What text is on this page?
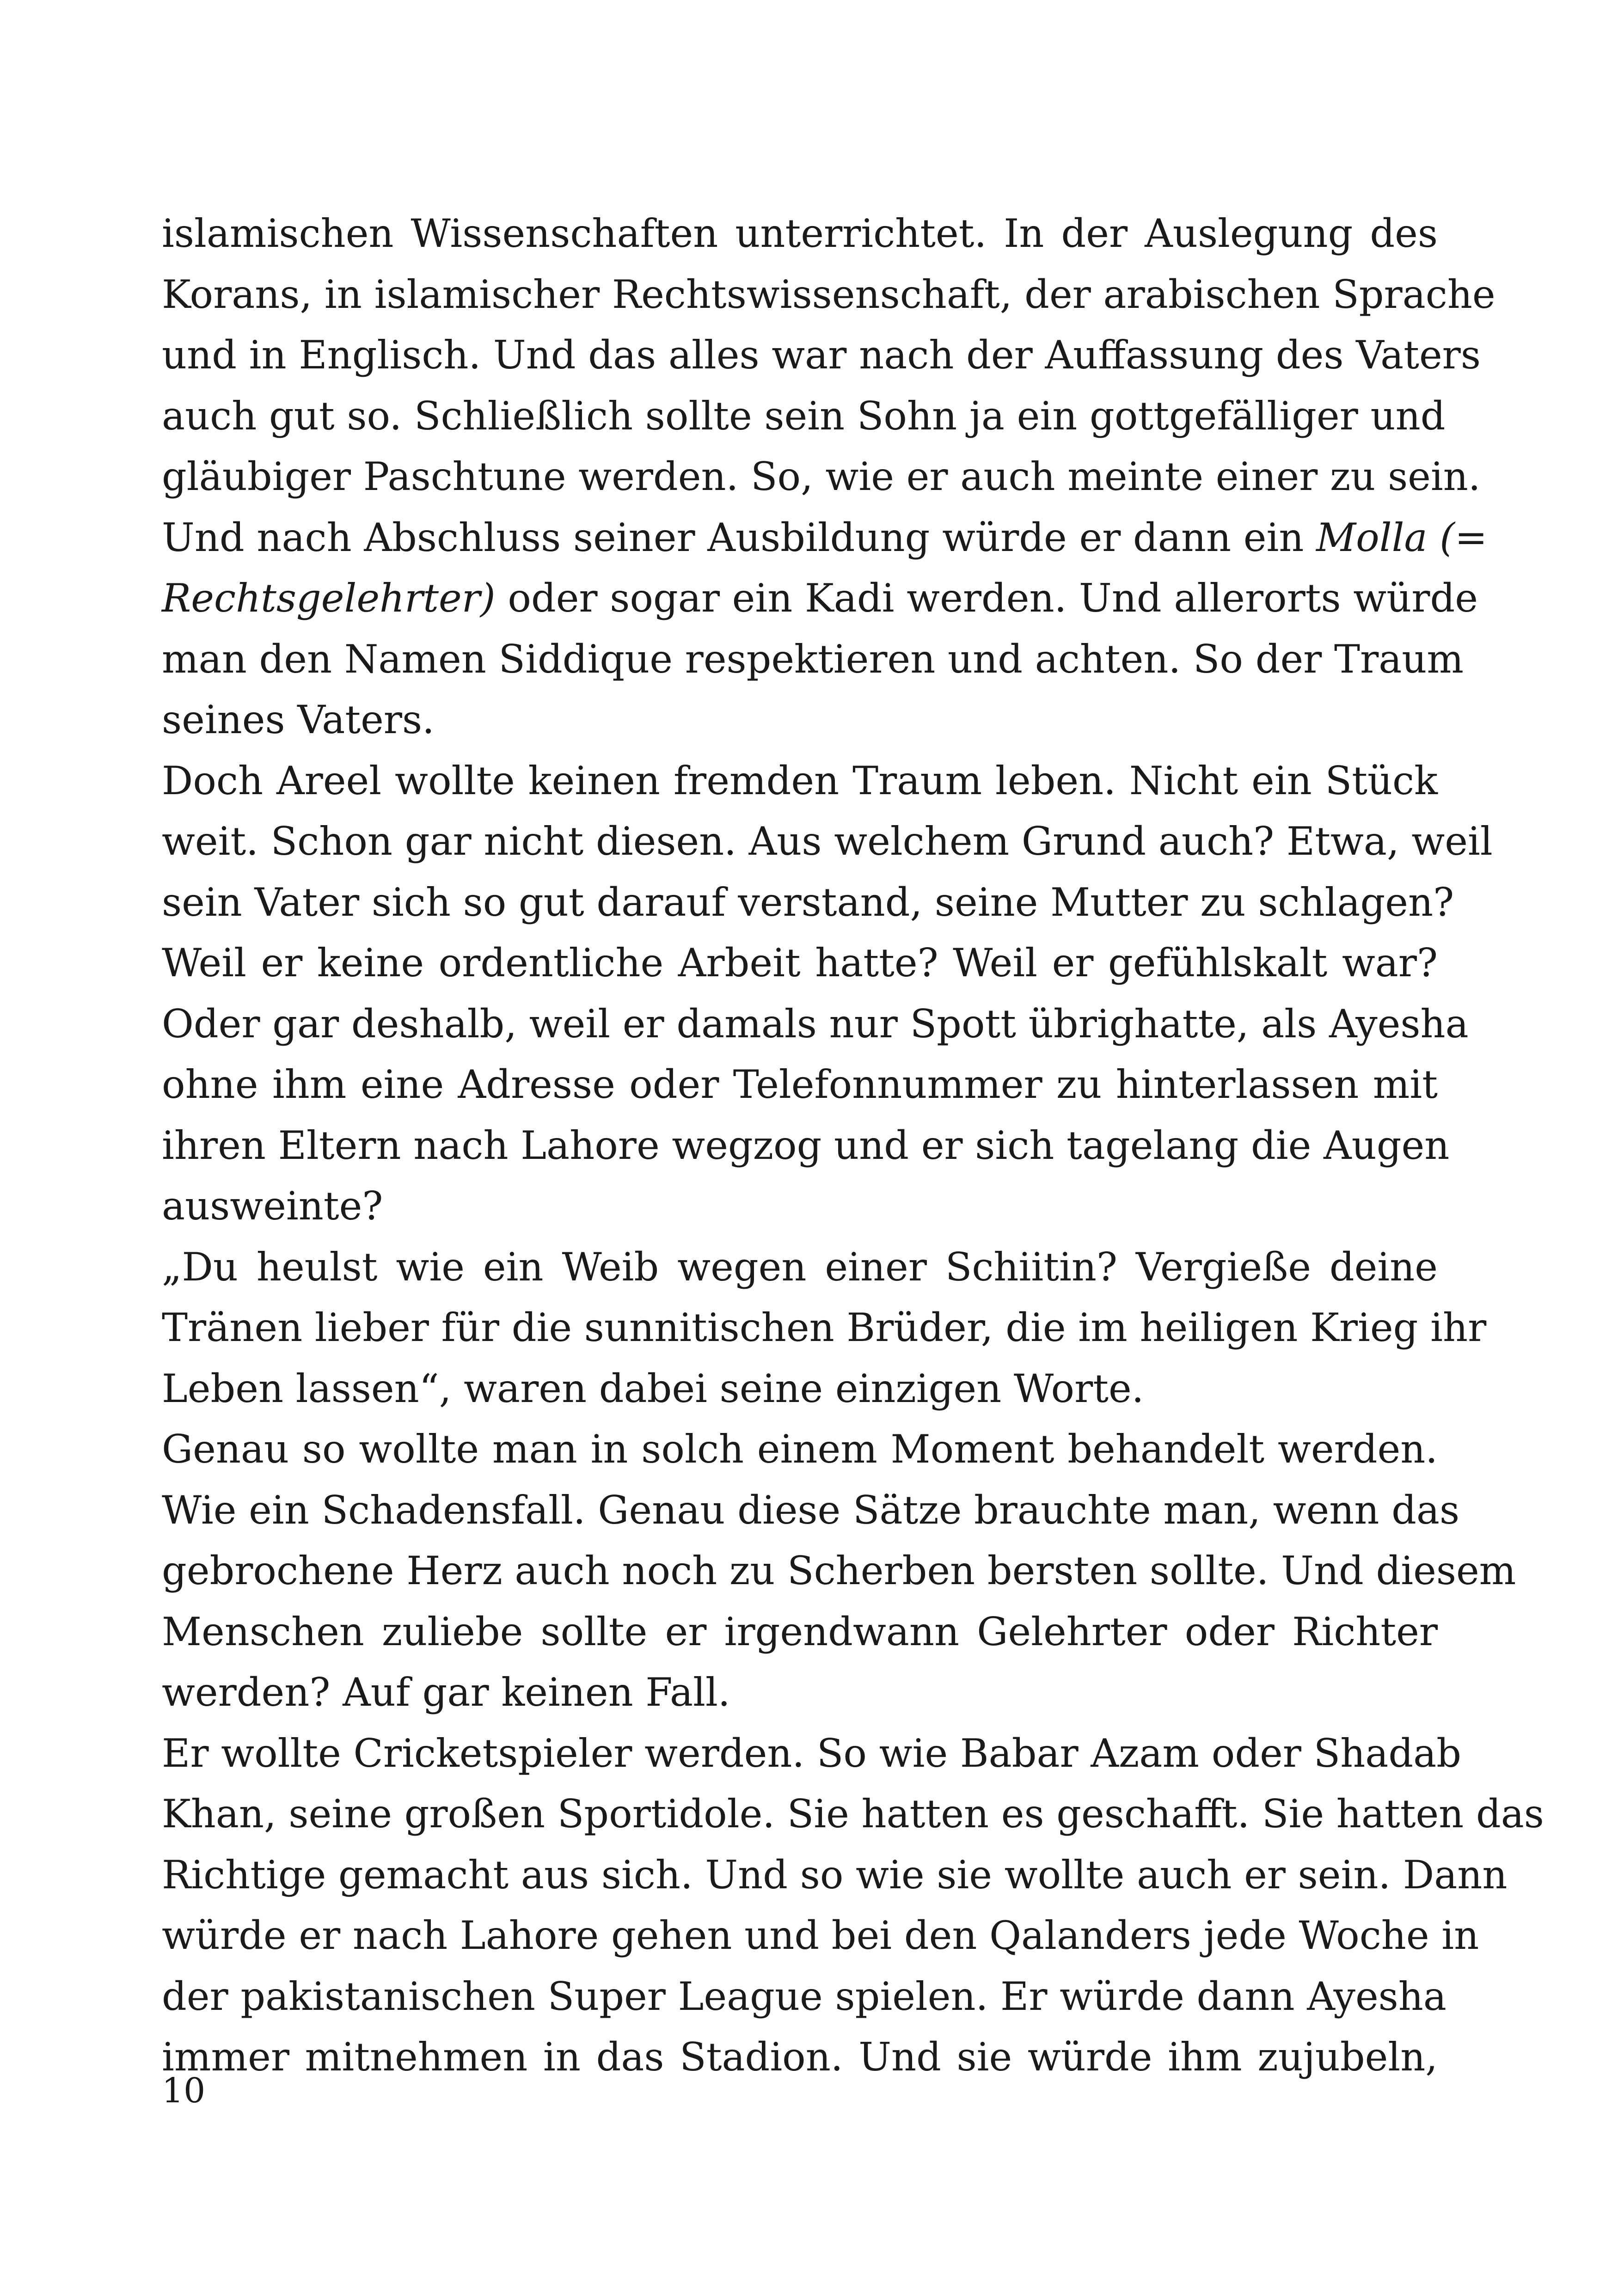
islamischen Wissenschaften unterrichtet. In der Auslegung des
Korans, in islamischer Rechtswissenschaft, der arabischen Sprache
und in Englisch. Und das alles war nach der Auffassung des Vaters
auch gut so. Schließlich sollte sein Sohn ja ein gottgefälliger und
gläubiger Paschtune werden. So, wie er auch meinte einer zu sein.
Und nach Abschluss seiner Ausbildung würde er dann ein Molla (=
Rechtsgelehrter) oder sogar ein Kadi werden. Und allerorts würde
man den Namen Siddique respektieren und achten. So der Traum
seines Vaters.
Doch Areel wollte keinen fremden Traum leben. Nicht ein Stück
weit. Schon gar nicht diesen. Aus welchem Grund auch? Etwa, weil
sein Vater sich so gut darauf verstand, seine Mutter zu schlagen?
Weil er keine ordentliche Arbeit hatte? Weil er gefühlskalt war?
Oder gar deshalb, weil er damals nur Spott übrighatte, als Ayesha
ohne ihm eine Adresse oder Telefonnummer zu hinterlassen mit
ihren Eltern nach Lahore wegzog und er sich tagelang die Augen
ausweinte?
„Du heulst wie ein Weib wegen einer Schiitin? Vergieße deine
Tränen lieber für die sunnitischen Brüder, die im heiligen Krieg ihr
Leben lassen“, waren dabei seine einzigen Worte.
Genau so wollte man in solch einem Moment behandelt werden.
Wie ein Schadensfall. Genau diese Sätze brauchte man, wenn das
gebrochene Herz auch noch zu Scherben bersten sollte. Und diesem
Menschen zuliebe sollte er irgendwann Gelehrter oder Richter
werden? Auf gar keinen Fall.
Er wollte Cricketspieler werden. So wie Babar Azam oder Shadab
Khan, seine großen Sportidole. Sie hatten es geschafft. Sie hatten das
Richtige gemacht aus sich. Und so wie sie wollte auch er sein. Dann
würde er nach Lahore gehen und bei den Qalanders jede Woche in
der pakistanischen Super League spielen. Er würde dann Ayesha
immer mitnehmen in das Stadion. Und sie würde ihm zujubeln,
10
